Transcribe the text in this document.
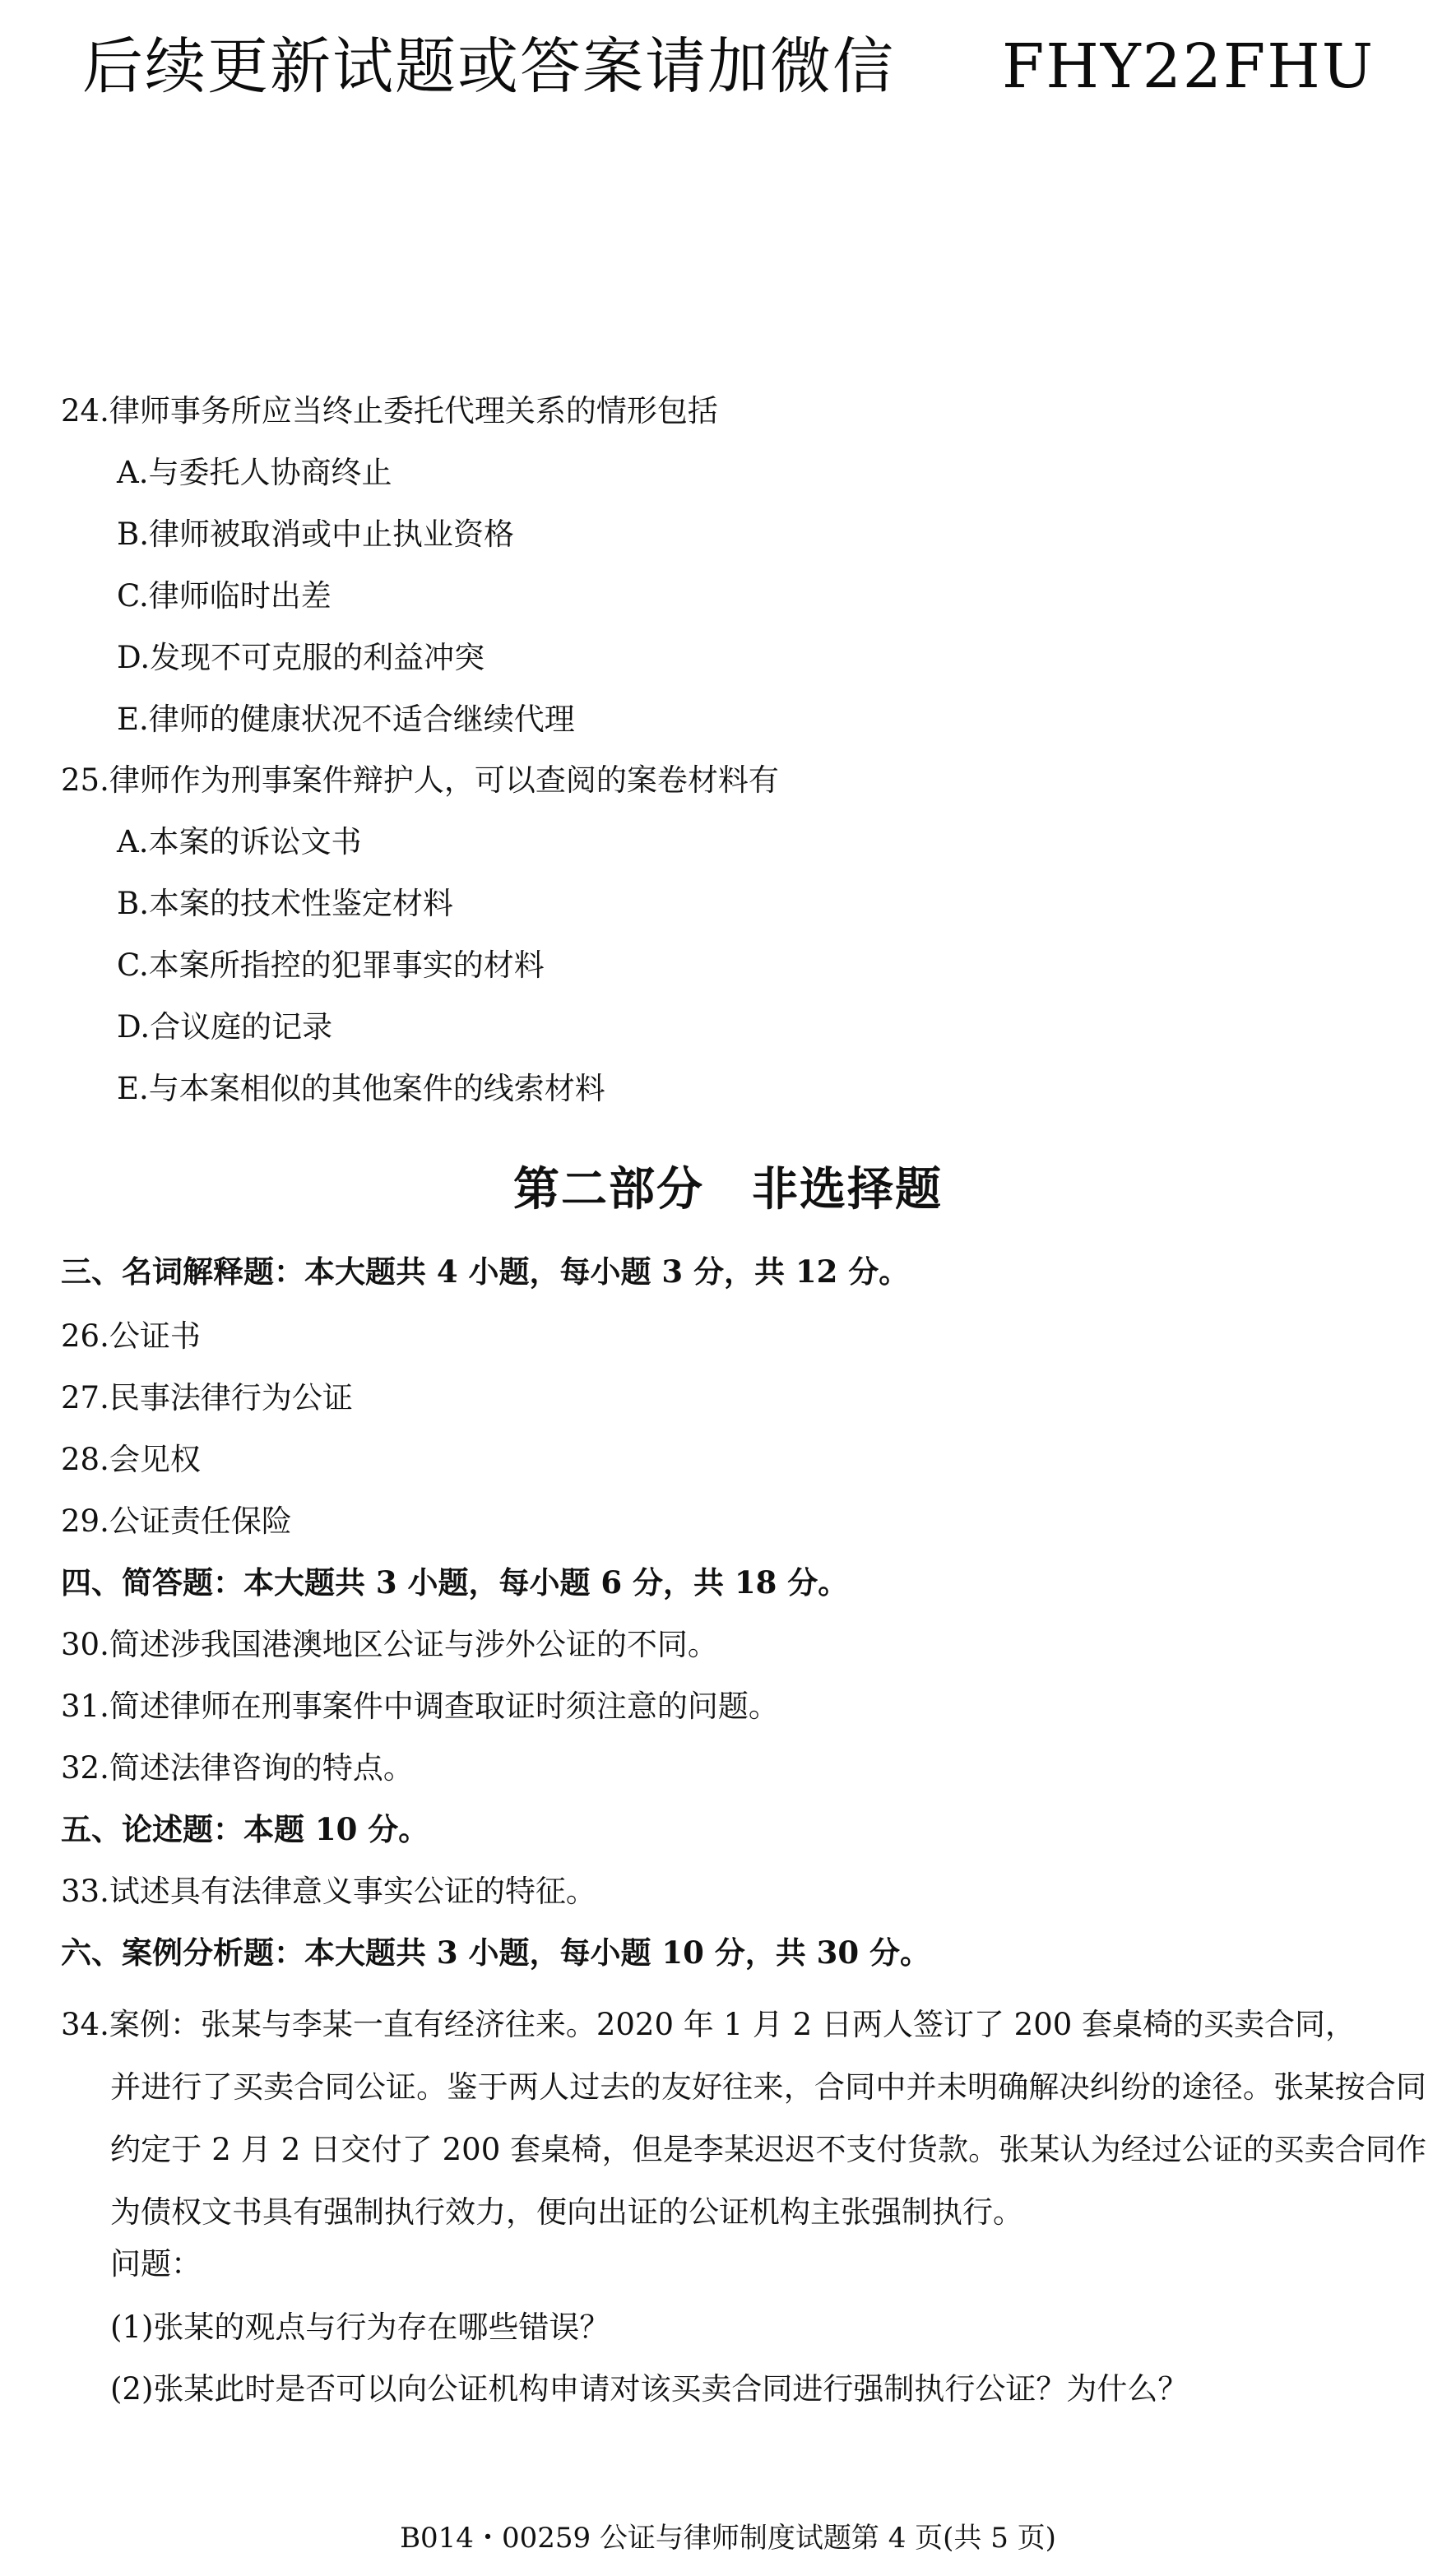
后续更新试题或答案请加微信 FHY22FHU
24.律师事务所应当终止委托代理关系的情形包括
A.与委托人协商终止
B.律师被取消或中止执业资格
C.律师临时出差
D.发现不可克服的利益冲突
E.律师的健康状况不适合继续代理
25.律师作为刑事案件辩护人，可以查阅的案卷材料有
A.本案的诉讼文书
B.本案的技术性鉴定材料
C.本案所指控的犯罪事实的材料
D.合议庭的记录
E.与本案相似的其他案件的线索材料
第二部分　非选择题
三、名词解释题：本大题共 4 小题，每小题 3 分，共 12 分。
26.公证书
27.民事法律行为公证
28.会见权
29.公证责任保险
四、简答题：本大题共 3 小题，每小题 6 分，共 18 分。
30.简述涉我国港澳地区公证与涉外公证的不同。
31.简述律师在刑事案件中调查取证时须注意的问题。
32.简述法律咨询的特点。
五、论述题：本题 10 分。
33.试述具有法律意义事实公证的特征。
六、案例分析题：本大题共 3 小题，每小题 10 分，共 30 分。
34.案例：张某与李某一直有经济往来。2020 年 1 月 2 日两人签订了 200 套桌椅的买卖合同，
并进行了买卖合同公证。鉴于两人过去的友好往来，合同中并未明确解决纠纷的途径。张某按合同约定于 2 月 2 日交付了 200 套桌椅，但是李某迟迟不支付货款。张某认为经过公证的买卖合同作为债权文书具有强制执行效力，便向出证的公证机构主张强制执行。
问题：
(1)张某的观点与行为存在哪些错误？
(2)张某此时是否可以向公证机构申请对该买卖合同进行强制执行公证？为什么？
B014・00259 公证与律师制度试题第 4 页(共 5 页)
